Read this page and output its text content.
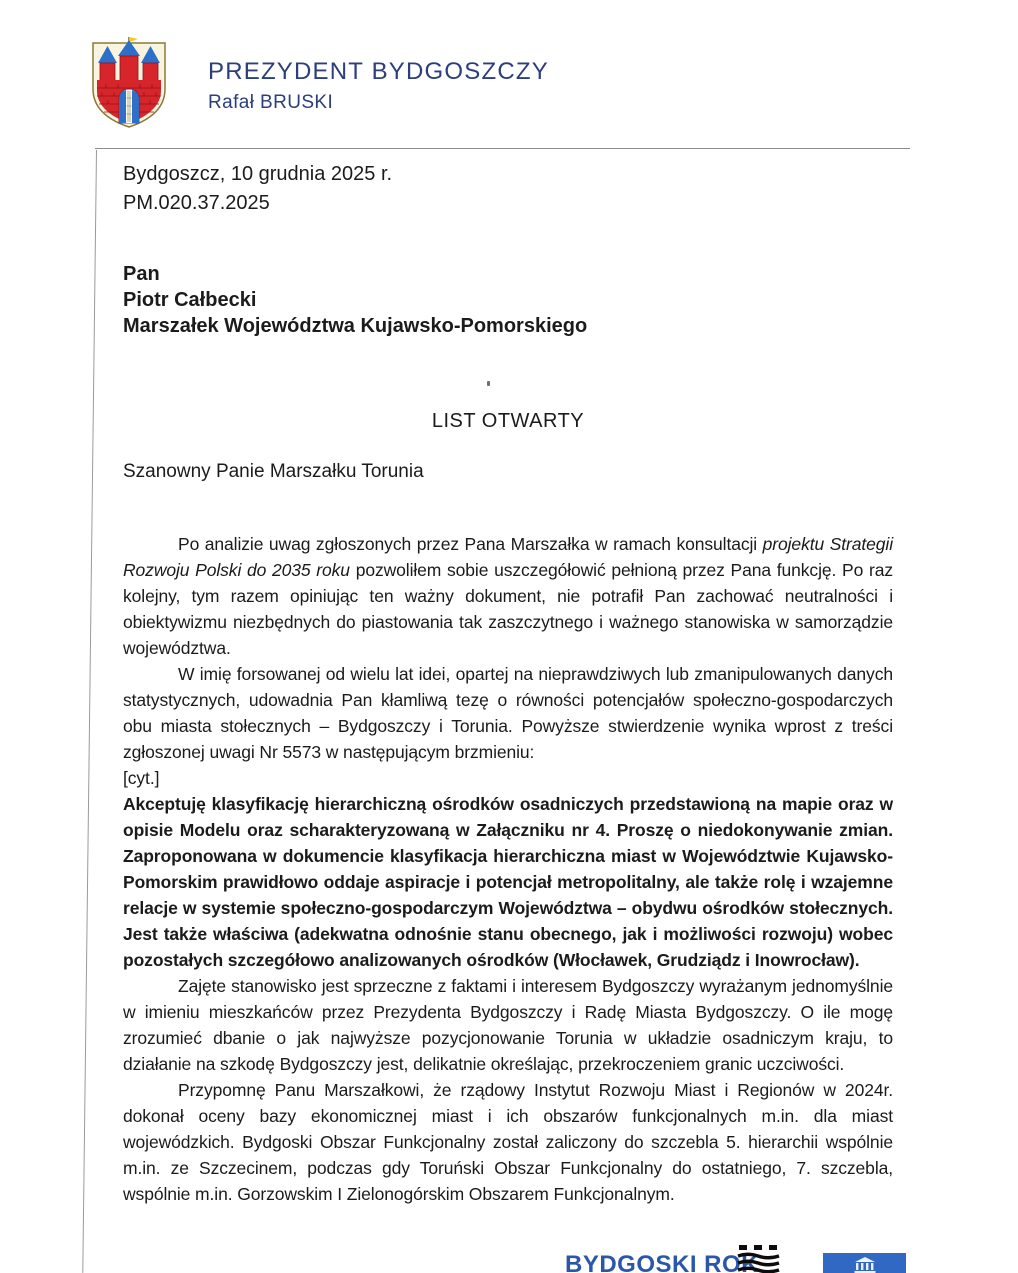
PREZYDENT BYDGOSZCZY
Rafał BRUSKI
Bydgoszcz, 10 grudnia 2025 r.
PM.020.37.2025
Pan
Piotr Całbecki
Marszałek Województwa Kujawsko-Pomorskiego
LIST OTWARTY
Szanowny Panie Marszałku Torunia

Po analizie uwag zgłoszonych przez Pana Marszałka w ramach konsultacji projektu Strategii Rozwoju Polski do 2035 roku pozwoliłem sobie uszczegółowić pełnioną przez Pana funkcję. Po raz kolejny, tym razem opiniując ten ważny dokument, nie potrafił Pan zachować neutralności i obiektywizmu niezbędnych do piastowania tak zaszczytnego i ważnego stanowiska w samorządzie województwa.

W imię forsowanej od wielu lat idei, opartej na nieprawdziwych lub zmanipulowanych danych statystycznych, udowadnia Pan kłamliwą tezę o równości potencjałów społeczno-gospodarczych obu miasta stołecznych – Bydgoszczy i Torunia. Powyższe stwierdzenie wynika wprost z treści zgłoszonej uwagi Nr 5573 w następującym brzmieniu:

[cyt.]

Akceptuję klasyfikację hierarchiczną ośrodków osadniczych przedstawioną na mapie oraz w opisie Modelu oraz scharakteryzowaną w Załączniku nr 4. Proszę o niedokonywanie zmian. Zaproponowana w dokumencie klasyfikacja hierarchiczna miast w Województwie Kujawsko-Pomorskim prawidłowo oddaje aspiracje i potencjał metropolitalny, ale także rolę i wzajemne relacje w systemie społeczno-gospodarczym Województwa – obydwu ośrodków stołecznych. Jest także właściwa (adekwatna odnośnie stanu obecnego, jak i możliwości rozwoju) wobec pozostałych szczegółowo analizowanych ośrodków (Włocławek, Grudziądz i Inowrocław).

Zajęte stanowisko jest sprzeczne z faktami i interesem Bydgoszczy wyrażanym jednomyślnie w imieniu mieszkańców przez Prezydenta Bydgoszczy i Radę Miasta Bydgoszczy. O ile mogę zrozumieć dbanie o jak najwyższe pozycjonowanie Torunia w układzie osadniczym kraju, to działanie na szkodę Bydgoszczy jest, delikatnie określając, przekroczeniem granic uczciwości.

Przypomnę Panu Marszałkowi, że rządowy Instytut Rozwoju Miast i Regionów w 2024r. dokonał oceny bazy ekonomicznej miast i ich obszarów funkcjonalnych m.in. dla miast wojewódzkich. Bydgoski Obszar Funkcjonalny został zaliczony do szczebla 5. hierarchii wspólnie m.in. ze Szczecinem, podczas gdy Toruński Obszar Funkcjonalny do ostatniego, 7. szczebla, wspólnie m.in. Gorzowskim I Zielonogórskim Obszarem Funkcjonalnym.

BYDGOSKI ROK
